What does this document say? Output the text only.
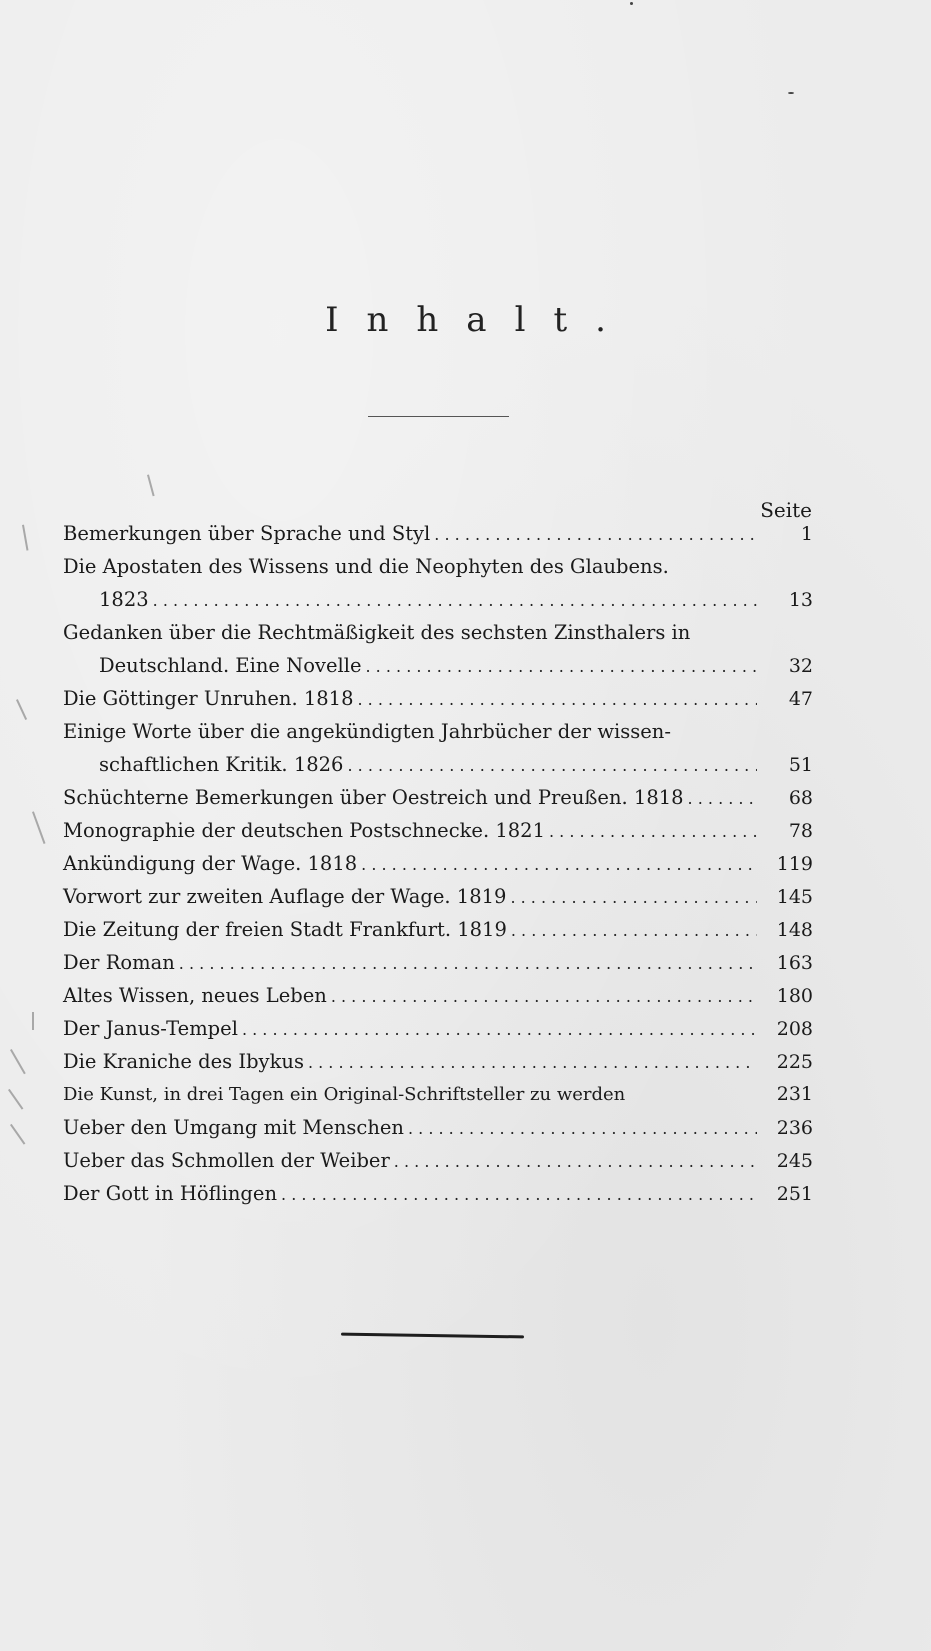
Inhalt.
Seite
Bemerkungen über Sprache und Styl . . .	1
Die Apostaten des Wissens und die Neophyten des Glaubens.
1823 . . .	13
Gedanken über die Rechtmäßigkeit des sechsten Zinsthalers in
Deutschland. Eine Novelle . . .	32
Die Göttinger Unruhen. 1818 . . .	47
Einige Worte über die angekündigten Jahrbücher der wissen-
schaftlichen Kritik. 1826 . . .	51
Schüchterne Bemerkungen über Oestreich und Preußen. 1818 . . .	68
Monographie der deutschen Postschnecke. 1821 . . .	78
Ankündigung der Wage. 1818 . . .	119
Vorwort zur zweiten Auflage der Wage. 1819 . . .	145
Die Zeitung der freien Stadt Frankfurt. 1819 . . .	148
Der Roman . . .	163
Altes Wissen, neues Leben . . .	180
Der Janus-Tempel . . .	208
Die Kraniche des Ibykus . . .	225
Die Kunst, in drei Tagen ein Original-Schriftsteller zu werden	231
Ueber den Umgang mit Menschen . . .	236
Ueber das Schmollen der Weiber . . .	245
Der Gott in Höflingen . . .	251
